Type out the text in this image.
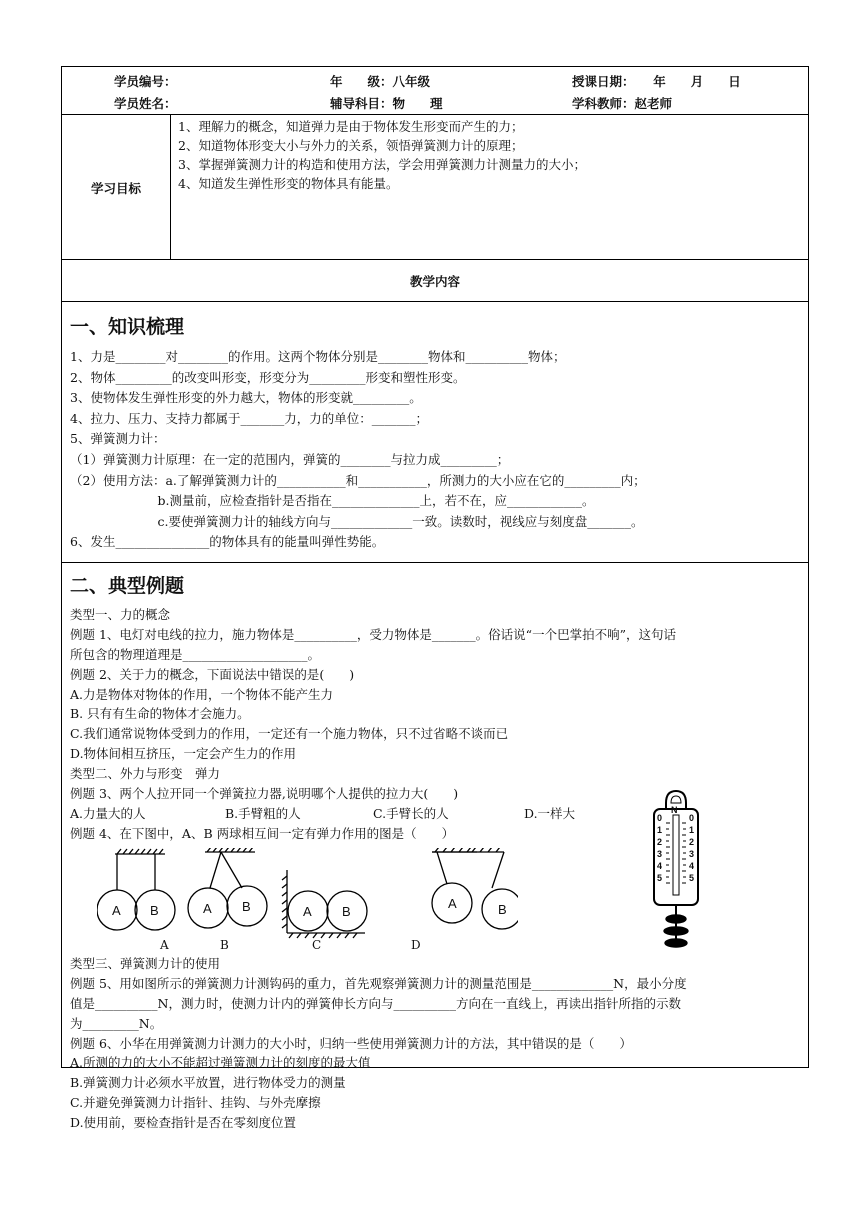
学员编号：	年　　级：八年级	授课日期：　　年　　月　　日
学员姓名：	辅导科目：物　　理	学科教师：赵老师
学习目标
1、理解力的概念，知道弹力是由于物体发生形变而产生的力；
2、知道物体形变大小与外力的关系，领悟弹簧测力计的原理；
3、掌握弹簧测力计的构造和使用方法，学会用弹簧测力计测量力的大小；
4、知道发生弹性形变的物体具有能量。
教学内容
一、知识梳理
1、力是________对________的作用。这两个物体分别是________物体和__________物体；
2、物体_________的改变叫形变，形变分为_________形变和塑性形变。
3、使物体发生弹性形变的外力越大，物体的形变就_________。
4、拉力、压力、支持力都属于_______力，力的单位：_______；
5、弹簧测力计：
（1）弹簧测力计原理：在一定的范围内，弹簧的________与拉力成_________；
（2）使用方法：a.了解弹簧测力计的___________和___________，所测力的大小应在它的_________内；
　　　　　　　b.测量前，应检查指针是否指在______________上，若不在，应____________。
　　　　　　　c.要使弹簧测力计的轴线方向与_____________一致。读数时，视线应与刻度盘_______。
6、发生_______________的物体具有的能量叫弹性势能。
二、典型例题
类型一、力的概念
例题 1、电灯对电线的拉力，施力物体是__________，受力物体是_______。俗话说“一个巴掌拍不响”，这句话
所包含的物理道理是____________________。
例题 2、关于力的概念，下面说法中错误的是(　　)
A.力是物体对物体的作用，一个物体不能产生力
B. 只有有生命的物体才会施力。
C.我们通常说物体受到力的作用，一定还有一个施力物体，只不过省略不谈而已
D.物体间相互挤压，一定会产生力的作用
类型二、外力与形变　弹力
例题 3、两个人拉开同一个弹簧拉力器,说明哪个人提供的拉力大(　　)
A.力量大的人	B.手臂粗的人	C.手臂长的人	D.一样大
例题 4、在下图中，A、B 两球相互间一定有弹力作用的图是（　　）
A B	A B	A B
A	B
A	B	C	D
N
0
1
2
3
4
5
0
1
2
3
4
5
类型三、弹簧测力计的使用
例题 5、用如图所示的弹簧测力计测钩码的重力，首先观察弹簧测力计的测量范围是_____________N，最小分度
值是__________N，测力时，使测力计内的弹簧伸长方向与__________方向在一直线上，再读出指针所指的示数
为_________N。
例题 6、小华在用弹簧测力计测力的大小时，归纳一些使用弹簧测力计的方法，其中错误的是（　　）
A.所测的力的大小不能超过弹簧测力计的刻度的最大值
B.弹簧测力计必须水平放置，进行物体受力的测量
C.并避免弹簧测力计指针、挂钩、与外壳摩擦
D.使用前，要检查指针是否在零刻度位置
